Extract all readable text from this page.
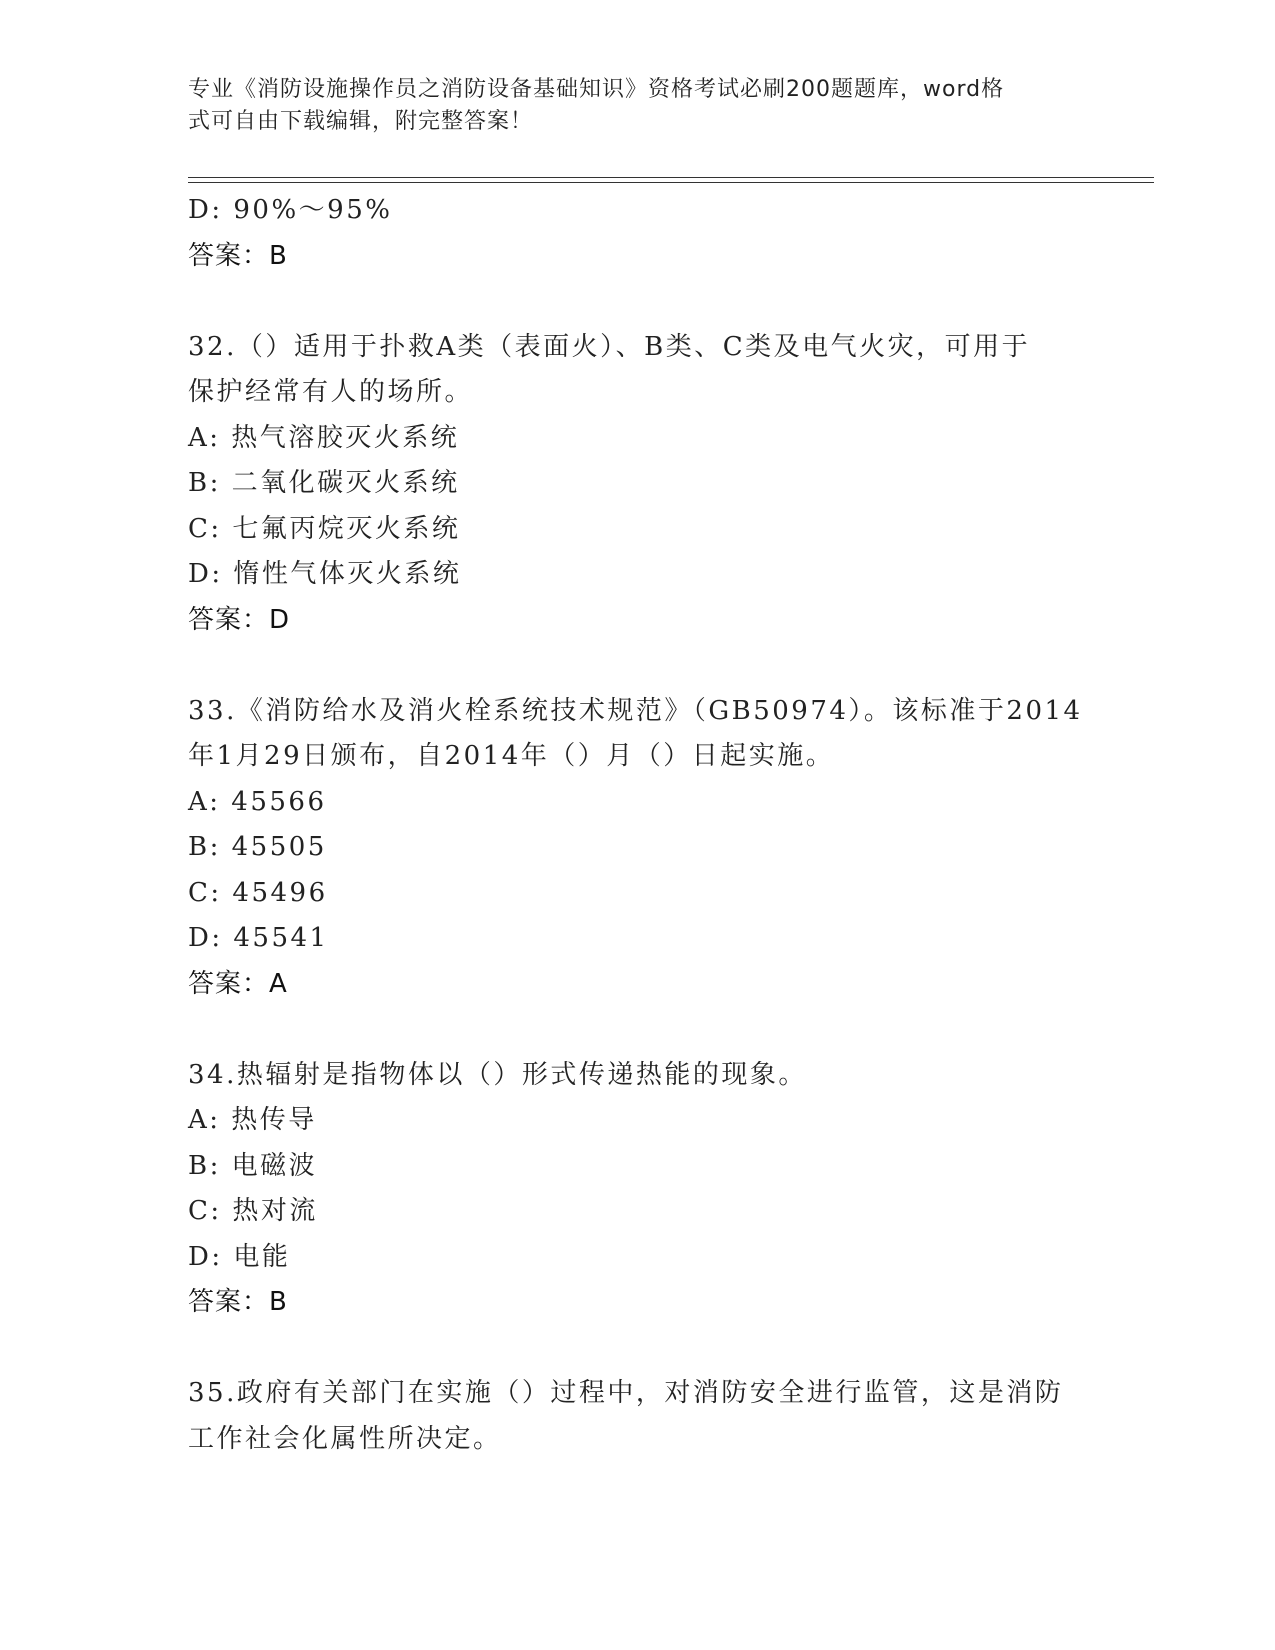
专业《消防设施操作员之消防设备基础知识》资格考试必刷200题题库，word格
式可自由下载编辑，附完整答案！
D: 90%～95%
答案：B
32.（）适用于扑救A类（表面火）、B类、C类及电气火灾，可用于
保护经常有人的场所。
A: 热气溶胶灭火系统
B: 二氧化碳灭火系统
C: 七氟丙烷灭火系统
D: 惰性气体灭火系统
答案：D
33.《消防给水及消火栓系统技术规范》（GB50974）。该标准于2014
年1月29日颁布，自2014年（）月（）日起实施。
A: 45566
B: 45505
C: 45496
D: 45541
答案：A
34.热辐射是指物体以（）形式传递热能的现象。
A: 热传导
B: 电磁波
C: 热对流
D: 电能
答案：B
35.政府有关部门在实施（）过程中，对消防安全进行监管，这是消防
工作社会化属性所决定。
